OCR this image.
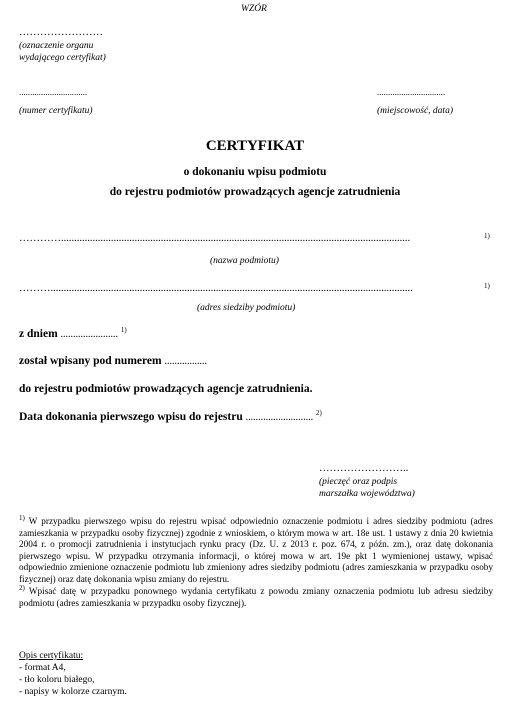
WZÓR
……………………
(oznaczenie organu
wydającego certyfikat)
...............................
(numer certyfikatu)
...............................
(miejscowość, data)
CERTYFIKAT
o dokonaniu wpisu podmiotu
do rejestru podmiotów prowadzących agencje zatrudnienia
………….....................................................................................................................................	1)
(nazwa podmiotu)
………..........................................................................................................................................	1)
(adres siedziby podmiotu)
z dniem ....................... $^{1)}$
został wpisany pod numerem .................
do rejestru podmiotów prowadzących agencje zatrudnienia.
Data dokonania pierwszego wpisu do rejestru ........................... $^{2)}$
……………………..
(pieczęć oraz podpis
marszałka województwa)
$^{1)}$ W przypadku pierwszego wpisu do rejestru wpisać odpowiednio oznaczenie podmiotu i adres siedziby podmiotu (adres zamieszkania w przypadku osoby fizycznej) zgodnie z wnioskiem, o którym mowa w art. 18e ust. 1 ustawy z dnia 20 kwietnia 2004 r. o promocji zatrudnienia i instytucjach rynku pracy (Dz. U. z 2013 r. poz. 674, z późn. zm.), oraz datę dokonania pierwszego wpisu. W przypadku otrzymania informacji, o której mowa w art. 19e pkt 1 wymienionej ustawy, wpisać odpowiednio zmienione oznaczenie podmiotu lub zmieniony adres siedziby podmiotu (adres zamieszkania w przypadku osoby fizycznej) oraz datę dokonania wpisu zmiany do rejestru.
$^{2)}$ Wpisać datę w przypadku ponownego wydania certyfikatu z powodu zmiany oznaczenia podmiotu lub adresu siedziby podmiotu (adres zamieszkania w przypadku osoby fizycznej).
Opis certyfikatu:
- format A4,
- tło koloru białego,
- napisy w kolorze czarnym.
